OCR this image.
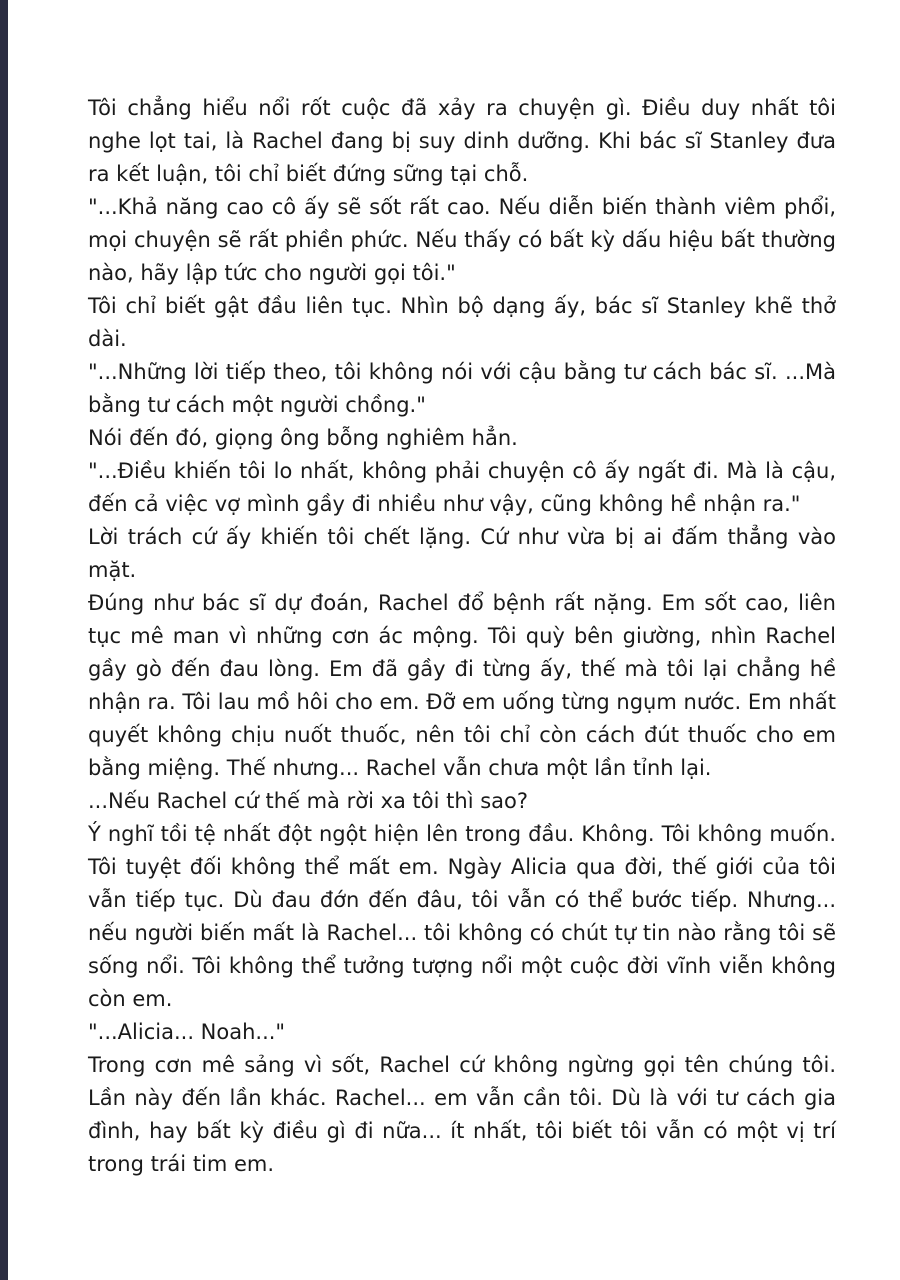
Tôi chẳng hiểu nổi rốt cuộc đã xảy ra chuyện gì. Điều duy nhất tôi nghe lọt tai, là Rachel đang bị suy dinh dưỡng. Khi bác sĩ Stanley đưa ra kết luận, tôi chỉ biết đứng sững tại chỗ.

"...Khả năng cao cô ấy sẽ sốt rất cao. Nếu diễn biến thành viêm phổi, mọi chuyện sẽ rất phiền phức. Nếu thấy có bất kỳ dấu hiệu bất thường nào, hãy lập tức cho người gọi tôi."

Tôi chỉ biết gật đầu liên tục. Nhìn bộ dạng ấy, bác sĩ Stanley khẽ thở dài.

"...Những lời tiếp theo, tôi không nói với cậu bằng tư cách bác sĩ. ...Mà bằng tư cách một người chồng."

Nói đến đó, giọng ông bỗng nghiêm hẳn.

"...Điều khiến tôi lo nhất, không phải chuyện cô ấy ngất đi. Mà là cậu, đến cả việc vợ mình gầy đi nhiều như vậy, cũng không hề nhận ra."

Lời trách cứ ấy khiến tôi chết lặng. Cứ như vừa bị ai đấm thẳng vào mặt.

Đúng như bác sĩ dự đoán, Rachel đổ bệnh rất nặng. Em sốt cao, liên tục mê man vì những cơn ác mộng. Tôi quỳ bên giường, nhìn Rachel gầy gò đến đau lòng. Em đã gầy đi từng ấy, thế mà tôi lại chẳng hề nhận ra. Tôi lau mồ hôi cho em. Đỡ em uống từng ngụm nước. Em nhất quyết không chịu nuốt thuốc, nên tôi chỉ còn cách đút thuốc cho em bằng miệng. Thế nhưng... Rachel vẫn chưa một lần tỉnh lại.

...Nếu Rachel cứ thế mà rời xa tôi thì sao?

Ý nghĩ tồi tệ nhất đột ngột hiện lên trong đầu. Không. Tôi không muốn. Tôi tuyệt đối không thể mất em. Ngày Alicia qua đời, thế giới của tôi vẫn tiếp tục. Dù đau đớn đến đâu, tôi vẫn có thể bước tiếp. Nhưng... nếu người biến mất là Rachel... tôi không có chút tự tin nào rằng tôi sẽ sống nổi. Tôi không thể tưởng tượng nổi một cuộc đời vĩnh viễn không còn em.

"...Alicia... Noah..."

Trong cơn mê sảng vì sốt, Rachel cứ không ngừng gọi tên chúng tôi. Lần này đến lần khác. Rachel... em vẫn cần tôi. Dù là với tư cách gia đình, hay bất kỳ điều gì đi nữa... ít nhất, tôi biết tôi vẫn có một vị trí trong trái tim em.
